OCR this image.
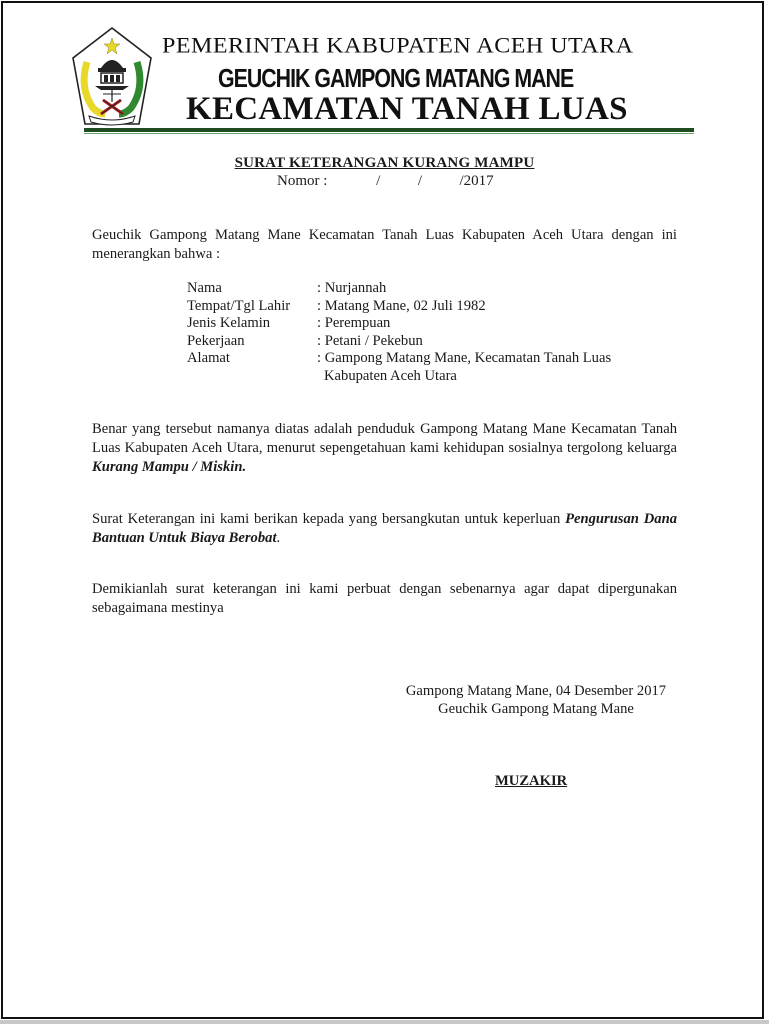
PEMERINTAH KABUPATEN ACEH UTARA
GEUCHIK GAMPONG MATANG MANE
KECAMATAN TANAH LUAS
SURAT KETERANGAN KURANG MAMPU
Nomor :	/          /          /2017
Geuchik Gampong Matang Mane Kecamatan Tanah Luas Kabupaten Aceh Utara dengan ini menerangkan bahwa :
Nama	: Nurjannah
Tempat/Tgl Lahir	: Matang Mane, 02 Juli 1982
Jenis Kelamin	: Perempuan
Pekerjaan	: Petani / Pekebun
Alamat	: Gampong Matang Mane, Kecamatan Tanah Luas
Kabupaten Aceh Utara
Benar yang tersebut namanya diatas adalah penduduk Gampong Matang Mane Kecamatan Tanah Luas Kabupaten Aceh Utara, menurut sepengetahuan kami kehidupan sosialnya tergolong keluarga Kurang Mampu / Miskin.
Surat Keterangan ini kami berikan kepada yang bersangkutan untuk keperluan Pengurusan Dana Bantuan Untuk Biaya Berobat.
Demikianlah surat keterangan ini kami perbuat dengan sebenarnya agar dapat dipergunakan sebagaimana mestinya
Gampong Matang Mane, 04 Desember 2017
Geuchik Gampong Matang Mane
MUZAKIR
